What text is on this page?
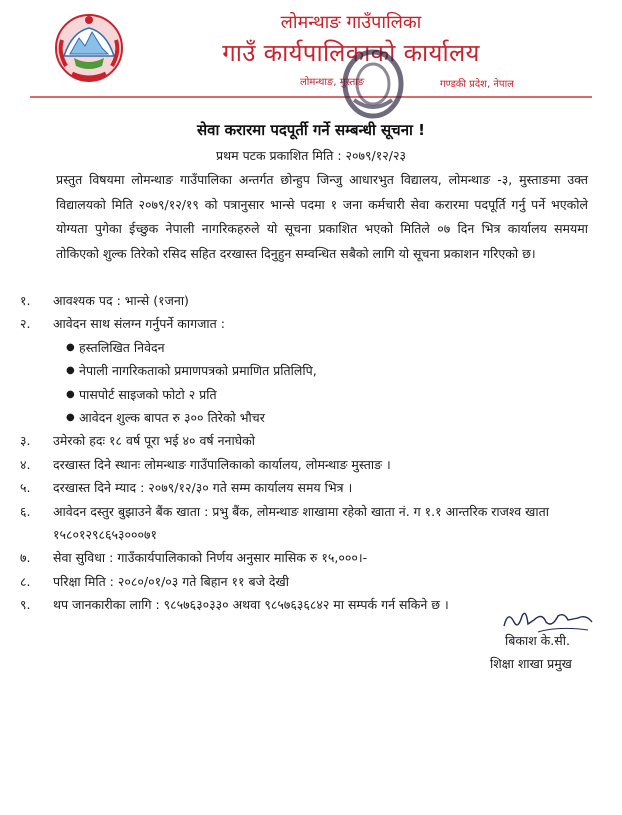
लोमन्थाङ गाउँपालिका
गाउँ कार्यपालिकाको कार्यालय
लोमन्थाङ, मुस्ताङ	गण्डकी प्रदेश, नेपाल
सेवा करारमा पदपूर्ती गर्ने सम्बन्धी सूचना !
प्रथम पटक प्रकाशित मिति : २०७९/१२/२३

प्रस्तुत विषयमा लोमन्थाङ गाउँपालिका अन्तर्गत छोन्हुप जिन्जु आधारभुत विद्यालय, लोमन्थाङ -३, मुस्ताङमा उक्त विद्यालयको मिति २०७९/१२/१९ को पत्रानुसार भान्से पदमा १ जना कर्मचारी सेवा करारमा पदपूर्ति गर्नु पर्ने भएकोले योग्यता पुगेका ईच्छुक नेपाली नागरिकहरुले यो सूचना प्रकाशित भएको मितिले ०७ दिन भित्र कार्यालय समयमा तोकिएको शुल्क तिरेको रसिद सहित दरखास्त दिनुहुन सम्वन्धित सबैको लागि यो सूचना प्रकाशन गरिएको छ।

१.	आवश्यक पद : भान्से (१जना)
२.	आवेदन साथ संलग्न गर्नुपर्ने कागजात :
● हस्तलिखित निवेदन
● नेपाली नागरिकताको प्रमाणपत्रको प्रमाणित प्रतिलिपि,
● पासपोर्ट साइजको फोटो २ प्रति
● आवेदन शुल्क बापत रु ३०० तिरेको भौचर
३.	उमेरको हदः १८ वर्ष पूरा भई ४० वर्ष ननाघेको
४.	दरखास्त दिने स्थानः लोमन्थाङ गाउँपालिकाको कार्यालय, लोमन्थाङ मुस्ताङ ।
५.	दरखास्त दिने म्याद : २०७९/१२/३० गते सम्म कार्यालय समय भित्र ।
६.	आवेदन दस्तुर बुझाउने बैंक खाता : प्रभु बैंक, लोमन्थाङ शाखामा रहेको खाता नं. ग १.१ आन्तरिक राजश्व खाता
१५८०१२९८६५३०००७१
७.	सेवा सुविधा : गाउँकार्यपालिकाको निर्णय अनुसार मासिक रु १५,०००।-
८.	परिक्षा मिति : २०८०/०१/०३ गते बिहान ११ बजे देखी
९.	थप जानकारीका लागि : ९८५७६३०३३० अथवा ९८५७६३६८४२ मा सम्पर्क गर्न सकिने छ ।
बिकाश के.सी.
शिक्षा शाखा प्रमुख
